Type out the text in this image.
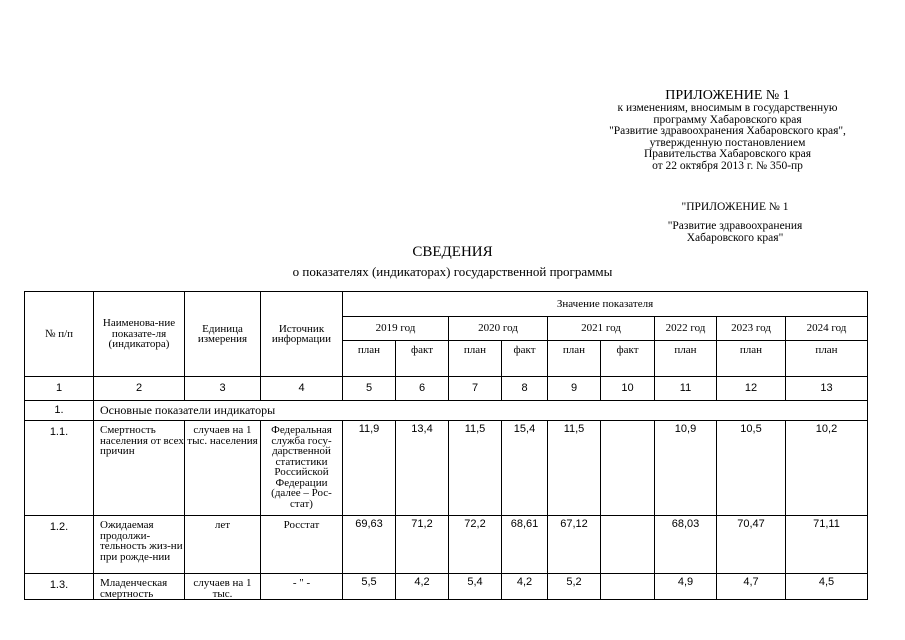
ПРИЛОЖЕНИЕ № 1
к изменениям, вносимым в государственную
программу Хабаровского края
"Развитие здравоохранения Хабаровского края",
утвержденную постановлением
Правительства Хабаровского края
от 22 октября 2013 г. № 350-пр
"ПРИЛОЖЕНИЕ № 1
"Развитие здравоохранения
Хабаровского края"
СВЕДЕНИЯ
о показателях (индикаторах) государственной программы
№ п/п	Наименова-ние показате-ля (индикатора)	Единица измерения	Источник информации	Значение показателя								
				2019 год		2020 год		2021 год		2022 год	2023 год	2024 год
				план	факт	план	факт	план	факт	план	план	план
1	2	3	4	5	6	7	8	9	10	11	12	13
1.	Основные показатели индикаторы											
1.1.	Смертность населения от всех причин	случаев на 1 тыс. населения	Федеральная служба госу-дарственной статистики Российской Федерации (далее – Рос-стат)	11,9	13,4	11,5	15,4	11,5		10,9	10,5	10,2
1.2.	Ожидаемая продолжи-тельность жиз-ни при рожде-нии	лет	Росстат	69,63	71,2	72,2	68,61	67,12		68,03	70,47	71,11
1.3.	Младенческая смертность	случаев на 1 тыс.	- " -	5,5	4,2	5,4	4,2	5,2		4,9	4,7	4,5
